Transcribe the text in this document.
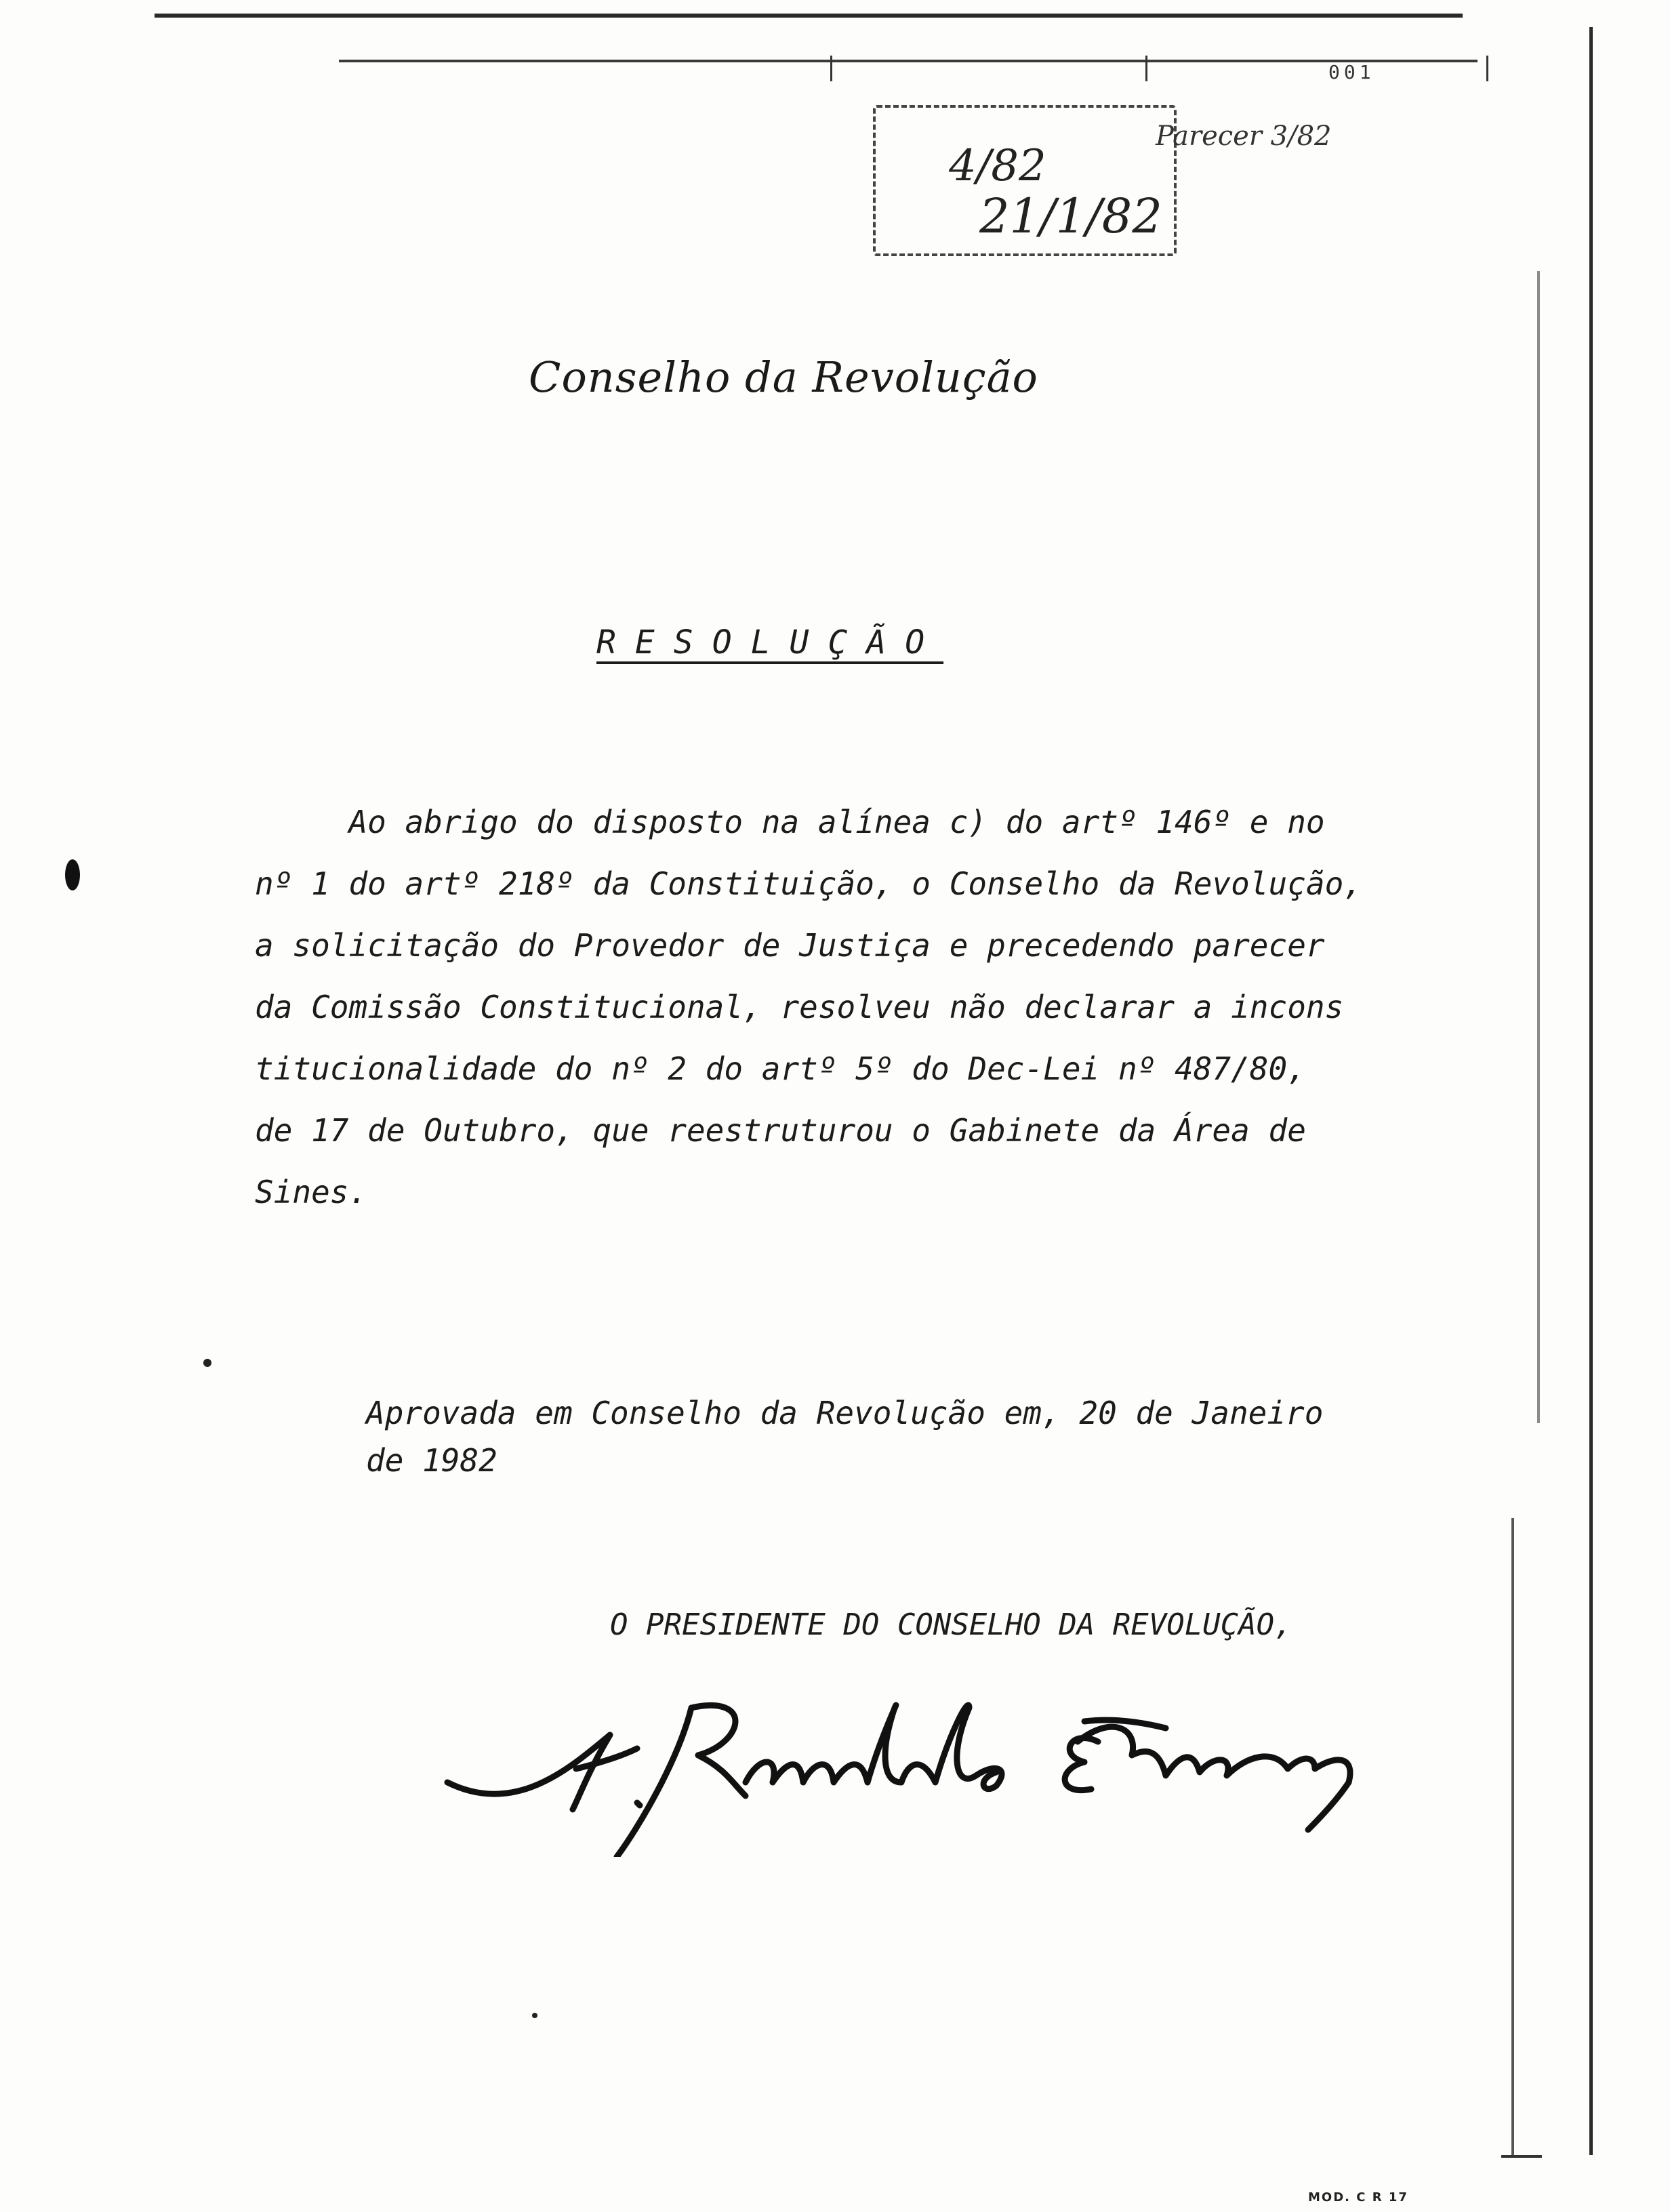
001
4/82
21/1/82
Parecer 3/82
Conselho da Revolução
RESOLUÇÃO
Ao abrigo do disposto na alínea c) do artº 146º e no
nº 1 do artº 218º da Constituição, o Conselho da Revolução,
a solicitação do Provedor de Justiça e precedendo parecer
da Comissão Constitucional, resolveu não declarar a incons
titucionalidade do nº 2 do artº 5º do Dec-Lei nº 487/80,
de 17 de Outubro, que reestruturou o Gabinete da Área de
Sines.
Aprovada em Conselho da Revolução em, 20 de Janeiro
de 1982
O PRESIDENTE DO CONSELHO DA REVOLUÇÃO,
MOD. C R 17
